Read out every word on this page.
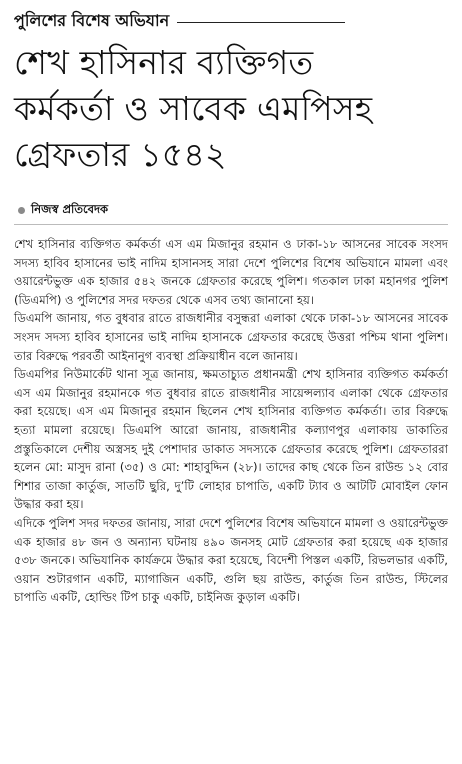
পুলিশের বিশেষ অভিযান
শেখ হাসিনার ব্যক্তিগত
কর্মকর্তা ও সাবেক এমপিসহ
গ্রেফতার ১৫৪২
নিজস্ব প্রতিবেদক

শেখ হাসিনার ব্যক্তিগত কর্মকর্তা এস এম মিজানুর রহমান ও ঢাকা-১৮ আসনের সাবেক সংসদ সদস্য হাবিব হাসানের ভাই নাদিম হাসানসহ সারা দেশে পুলিশের বিশেষ অভিযানে মামলা এবং ওয়ারেন্টভুক্ত এক হাজার ৫৪২ জনকে গ্রেফতার করেছে পুলিশ। গতকাল ঢাকা মহানগর পুলিশ (ডিএমপি) ও পুলিশের সদর দফতর থেকে এসব তথ্য জানানো হয়।

ডিএমপি জানায়, গত বুধবার রাতে রাজধানীর বসুন্ধরা এলাকা থেকে ঢাকা-১৮ আসনের সাবেক সংসদ সদস্য হাবিব হাসানের ভাই নাদিম হাসানকে গ্রেফতার করেছে উত্তরা পশ্চিম থানা পুলিশ। তার বিরুদ্ধে পরবর্তী আইনানুগ ব্যবস্থা প্রক্রিয়াধীন বলে জানায়।

ডিএমপির নিউমার্কেট থানা সূত্র জানায়, ক্ষমতাচ্যুত প্রধানমন্ত্রী শেখ হাসিনার ব্যক্তিগত কর্মকর্তা এস এম মিজানুর রহমানকে গত বুধবার রাতে রাজধানীর সায়েন্সল্যাব এলাকা থেকে গ্রেফতার করা হয়েছে। এস এম মিজানুর রহমান ছিলেন শেখ হাসিনার ব্যক্তিগত কর্মকর্তা। তার বিরুদ্ধে হত্যা মামলা রয়েছে। ডিএমপি আরো জানায়, রাজধানীর কল্যাণপুর এলাকায় ডাকাতির প্রস্তুতিকালে দেশীয় অস্ত্রসহ দুই পেশাদার ডাকাত সদস্যকে গ্রেফতার করেছে পুলিশ। গ্রেফতাররা হলেন মো: মাসুদ রানা (৩৫) ও মো: শাহাবুদ্দিন (২৮)। তাদের কাছ থেকে তিন রাউন্ড ১২ বোর শিশার তাজা কার্তুজ, সাতটি ছুরি, দু’টি লোহার চাপাতি, একটি ট্যাব ও আটটি মোবাইল ফোন উদ্ধার করা হয়।

এদিকে পুলিশ সদর দফতর জানায়, সারা দেশে পুলিশের বিশেষ অভিযানে মামলা ও ওয়ারেন্টভুক্ত এক হাজার ৪৮ জন ও অন্যান্য ঘটনায় ৪৯০ জনসহ মোট গ্রেফতার করা হয়েছে এক হাজার ৫৩৮ জনকে। অভিযানিক কার্যক্রমে উদ্ধার করা হয়েছে, বিদেশী পিস্তল একটি, রিভলভার একটি, ওয়ান শুটারগান একটি, ম্যাগাজিন একটি, গুলি ছয় রাউন্ড, কার্তুজ তিন রাউন্ড, স্টিলের চাপাতি একটি, হোল্ডিং টিপ চাকু একটি, চাইনিজ কুড়াল একটি।
